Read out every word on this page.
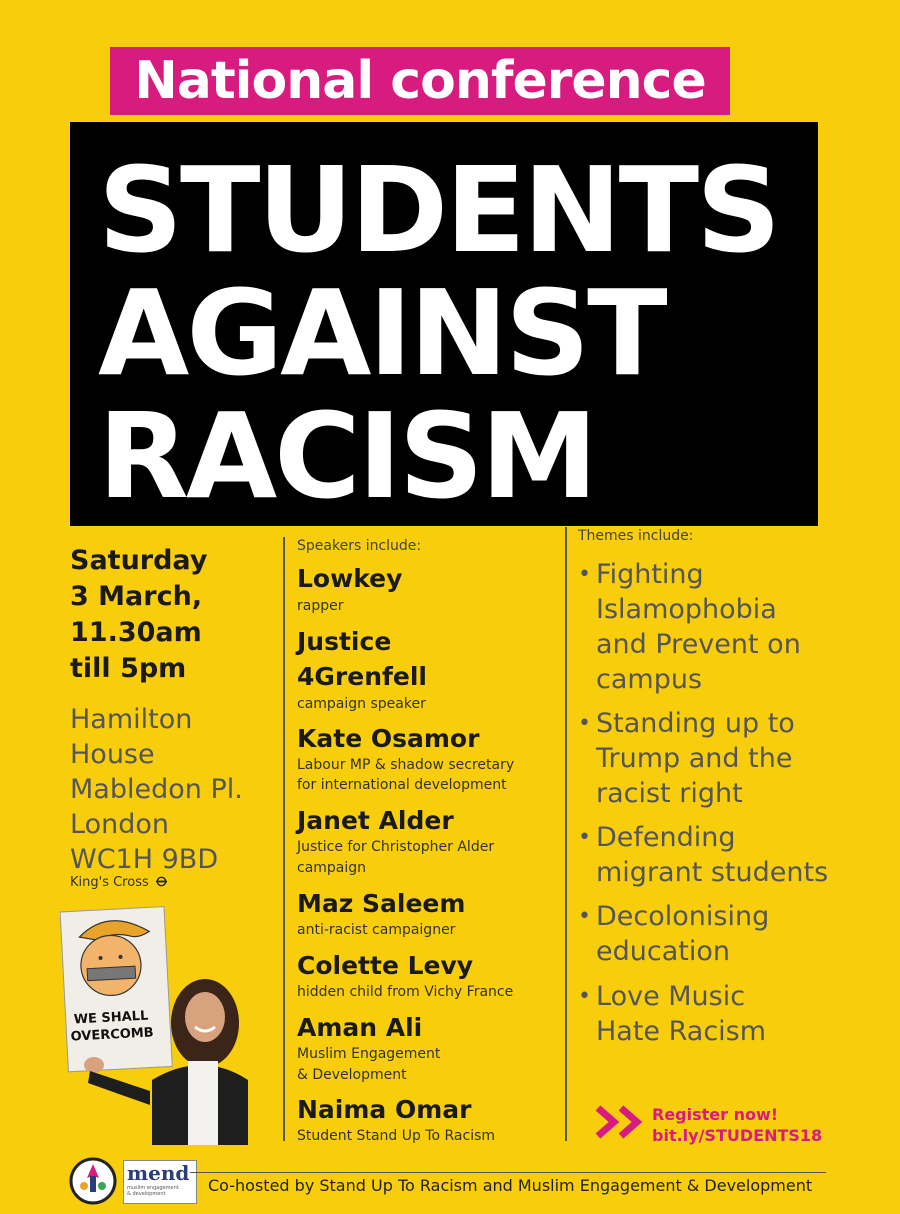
National conference
STUDENTS
AGAINST
RACISM
Saturday
3 March,
11.30am
till 5pm
Hamilton
House
Mabledon Pl.
London
WC1H 9BD
King's Cross
WE SHALL
OVERCOMB
Speakers include:
Lowkey
rapper
Justice
4Grenfell
campaign speaker
Kate Osamor
Labour MP & shadow secretary
for international development
Janet Alder
Justice for Christopher Alder
campaign
Maz Saleem
anti-racist campaigner
Colette Levy
hidden child from Vichy France
Aman Ali
Muslim Engagement
& Development
Naima Omar
Student Stand Up To Racism
Themes include:
• Fighting
Islamophobia
and Prevent on
campus
• Standing up to
Trump and the
racist right
• Defending
migrant students
• Decolonising
education
• Love Music
Hate Racism
Register now!
bit.ly/STUDENTS18
mend
muslim engagement
& development	Co-hosted by Stand Up To Racism and Muslim Engagement & Development
